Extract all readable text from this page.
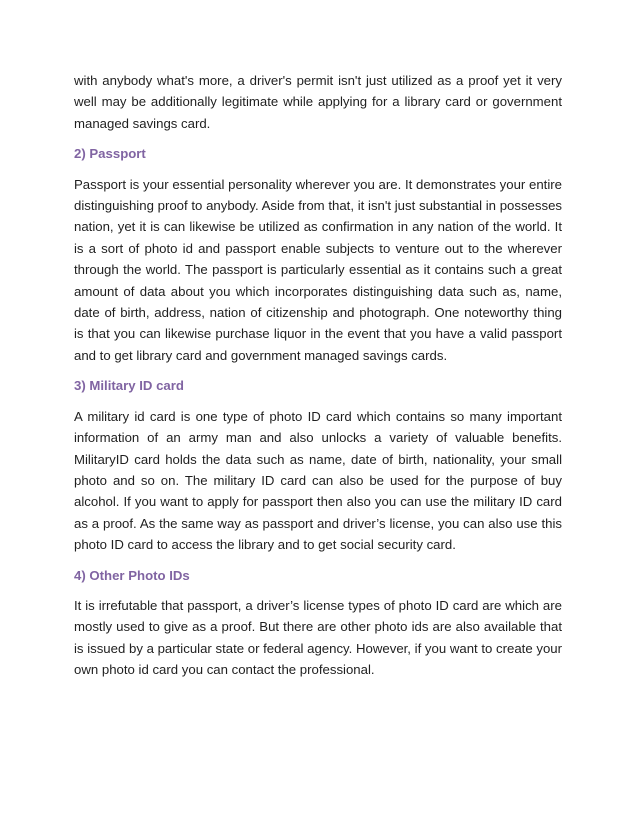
with anybody what's more, a driver's permit isn't just utilized as a proof yet it very well may be additionally legitimate while applying for a library card or government managed savings card.

2) Passport

Passport is your essential personality wherever you are. It demonstrates your entire distinguishing proof to anybody. Aside from that, it isn't just substantial in possesses nation, yet it is can likewise be utilized as confirmation in any nation of the world. It is a sort of photo id and passport enable subjects to venture out to the wherever through the world. The passport is particularly essential as it contains such a great amount of data about you which incorporates distinguishing data such as, name, date of birth, address, nation of citizenship and photograph. One noteworthy thing is that you can likewise purchase liquor in the event that you have a valid passport and to get library card and government managed savings cards.

3) Military ID card

A military id card is one type of photo ID card which contains so many important information of an army man and also unlocks a variety of valuable benefits. MilitaryID card holds the data such as name, date of birth, nationality, your small photo and so on. The military ID card can also be used for the purpose of buy alcohol. If you want to apply for passport then also you can use the military ID card as a proof. As the same way as passport and driver’s license, you can also use this photo ID card to access the library and to get social security card.

4) Other Photo IDs

It is irrefutable that passport, a driver’s license types of photo ID card are which are mostly used to give as a proof. But there are other photo ids are also available that is issued by a particular state or federal agency. However, if you want to create your own photo id card you can contact the professional.
